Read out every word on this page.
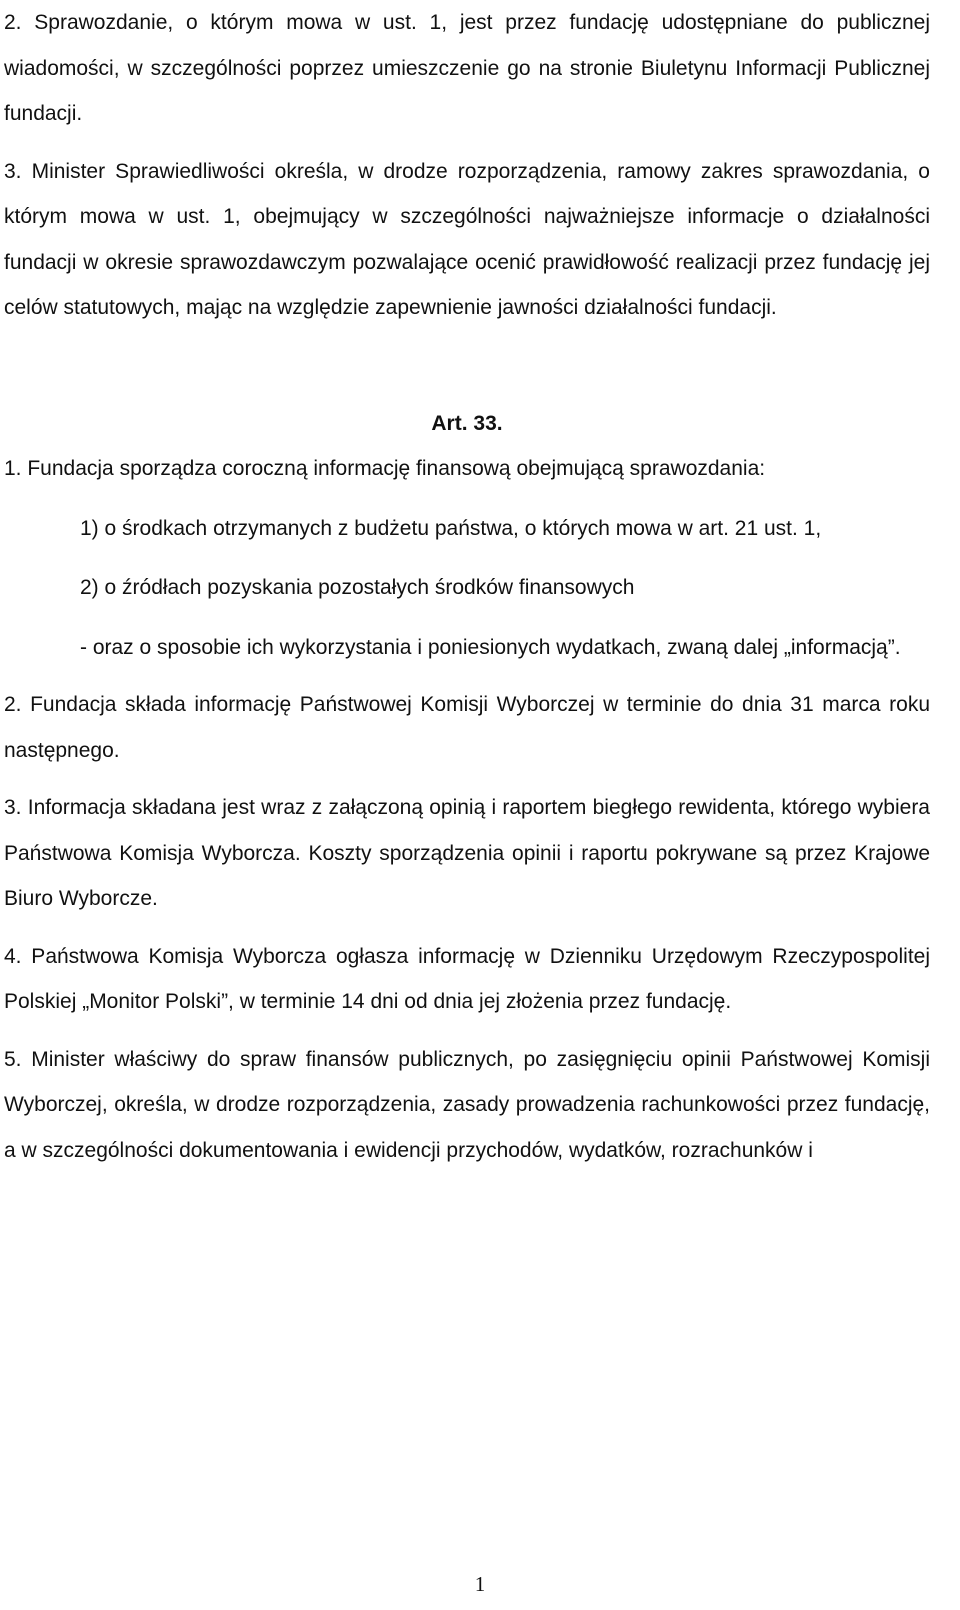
2. Sprawozdanie, o którym mowa w ust. 1, jest przez fundację udostępniane do publicznej wiadomości, w szczególności poprzez umieszczenie go na stronie Biuletynu Informacji Publicznej fundacji.

3. Minister Sprawiedliwości określa, w drodze rozporządzenia, ramowy zakres sprawozdania, o którym mowa w ust. 1, obejmujący w szczególności najważniejsze informacje o działalności fundacji w okresie sprawozdawczym pozwalające ocenić prawidłowość realizacji przez fundację jej celów statutowych, mając na względzie zapewnienie jawności działalności fundacji.

Art. 33.

1. Fundacja sporządza coroczną informację finansową obejmującą sprawozdania:

1) o środkach otrzymanych z budżetu państwa, o których mowa w art. 21 ust. 1,

2) o źródłach pozyskania pozostałych środków finansowych

- oraz o sposobie ich wykorzystania i poniesionych wydatkach, zwaną dalej „informacją”.

2. Fundacja składa informację Państwowej Komisji Wyborczej w terminie do dnia 31 marca roku następnego.

3. Informacja składana jest wraz z załączoną opinią i raportem biegłego rewidenta, którego wybiera Państwowa Komisja Wyborcza. Koszty sporządzenia opinii i raportu pokrywane są przez Krajowe Biuro Wyborcze.

4. Państwowa Komisja Wyborcza ogłasza informację w Dzienniku Urzędowym Rzeczypospolitej Polskiej „Monitor Polski”, w terminie 14 dni od dnia jej złożenia przez fundację.

5. Minister właściwy do spraw finansów publicznych, po zasięgnięciu opinii Państwowej Komisji Wyborczej, określa, w drodze rozporządzenia, zasady prowadzenia rachunkowości przez fundację, a w szczególności dokumentowania i ewidencji przychodów, wydatków, rozrachunków i

1
